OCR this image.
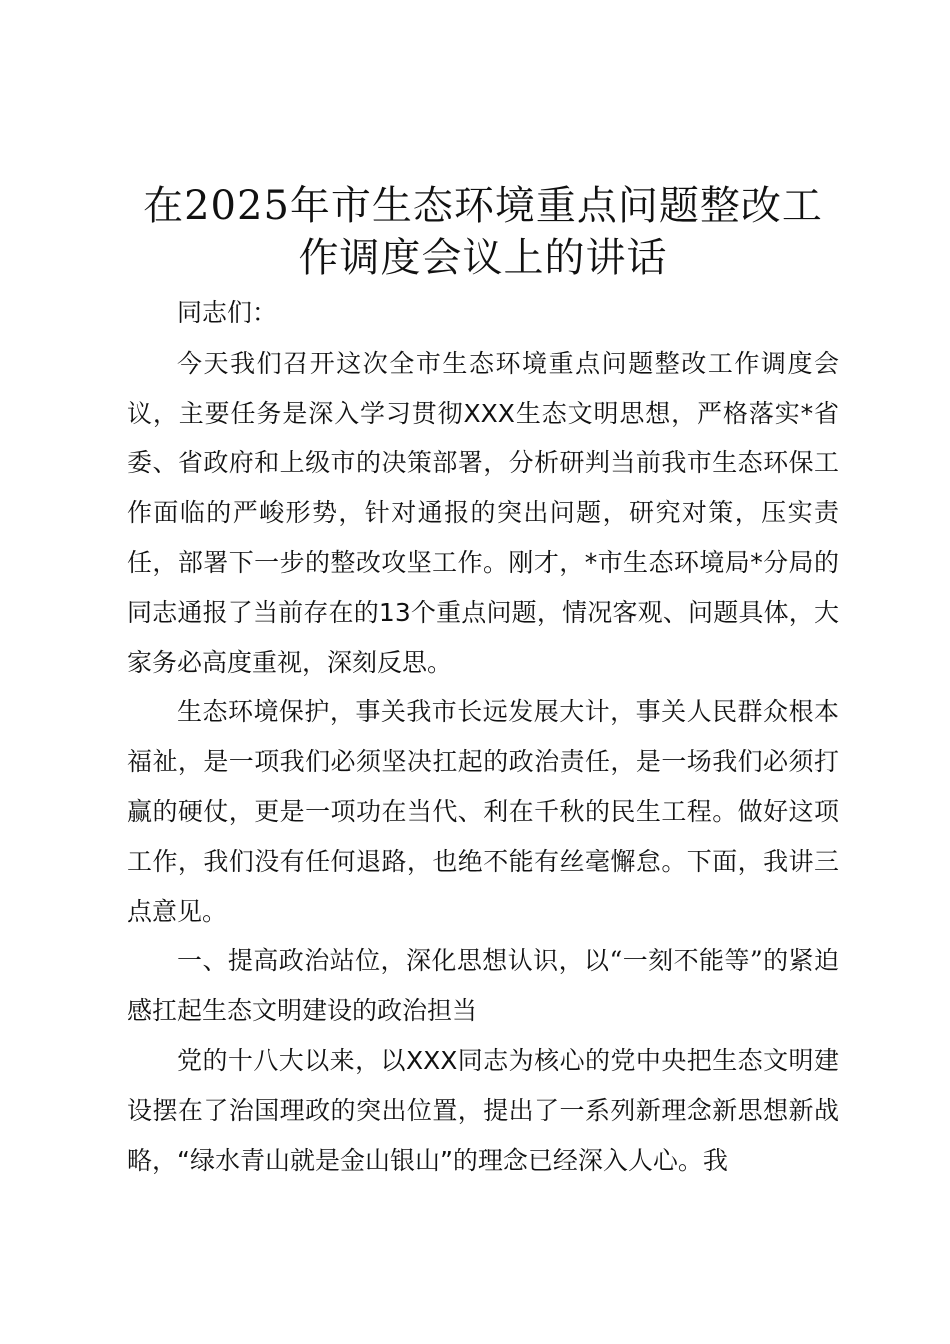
在2025年市生态环境重点问题整改工
作调度会议上的讲话

同志们：

今天我们召开这次全市生态环境重点问题整改工作调度会议，主要任务是深入学习贯彻XXX生态文明思想，严格落实*省委、省政府和上级市的决策部署，分析研判当前我市生态环保工作面临的严峻形势，针对通报的突出问题，研究对策，压实责任，部署下一步的整改攻坚工作。刚才，*市生态环境局*分局的同志通报了当前存在的13个重点问题，情况客观、问题具体，大家务必高度重视，深刻反思。

生态环境保护，事关我市长远发展大计，事关人民群众根本福祉，是一项我们必须坚决扛起的政治责任，是一场我们必须打赢的硬仗，更是一项功在当代、利在千秋的民生工程。做好这项工作，我们没有任何退路，也绝不能有丝毫懈怠。下面，我讲三点意见。

一、提高政治站位，深化思想认识，以“一刻不能等”的紧迫感扛起生态文明建设的政治担当

党的十八大以来，以XXX同志为核心的党中央把生态文明建设摆在了治国理政的突出位置，提出了一系列新理念新思想新战略，“绿水青山就是金山银山”的理念已经深入人心。我
